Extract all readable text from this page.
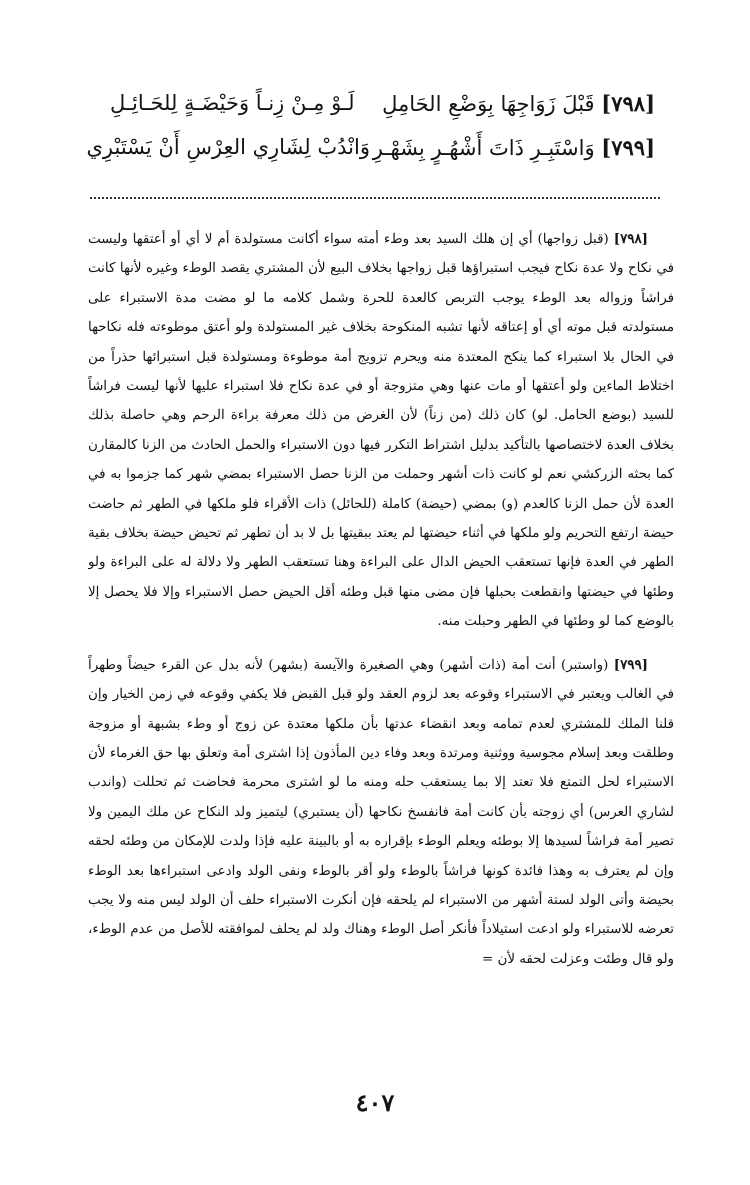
[٧٩٨] قَبْلَ زَوَاجِهَا بِوَضْعِ الحَامِلِ
لَـوْ مِـنْ زِنـاً وَحَيْضَـةٍ لِلحَـائِـلِ
[٧٩٩] وَاسْتَبِـرِ ذَاتَ أَشْهُـرٍ بِشَهْـرِ
وَانْدُبْ لِشَارِي العِرْسِ أَنْ يَسْتَبْرِي

[٧٩٨] (قبل زواجها) أي إن هلك السيد بعد وطء أمته سواء أكانت مستولدة أم لا أي أو أعتقها وليست في نكاح ولا عدة نكاح فيجب استبراؤها قبل زواجها بخلاف البيع لأن المشتري يقصد الوطء وغيره لأنها كانت فراشاً وزواله بعد الوطء يوجب التربص كالعدة للحرة وشمل كلامه ما لو مضت مدة الاستبراء على مستولدته قبل موته أي أو إعتاقه لأنها تشبه المنكوحة بخلاف غير المستولدة ولو أعتق موطوءته فله نكاحها في الحال بلا استبراء كما ينكح المعتدة منه ويحرم تزويج أمة موطوءة ومستولدة قبل استبرائها حذراً من اختلاط الماءين ولو أعتقها أو مات عنها وهي متزوجة أو في عدة نكاح فلا استبراء عليها لأنها ليست فراشاً للسيد (بوضع الحامل. لو) كان ذلك (من زناً) لأن الغرض من ذلك معرفة براءة الرحم وهي حاصلة بذلك بخلاف العدة لاختصاصها بالتأكيد بدليل اشتراط التكرر فيها دون الاستبراء والحمل الحادث من الزنا كالمقارن كما بحثه الزركشي نعم لو كانت ذات أشهر وحملت من الزنا حصل الاستبراء بمضي شهر كما جزموا به في العدة لأن حمل الزنا كالعدم (و) بمضي (حيضة) كاملة (للحائل) ذات الأقراء فلو ملكها في الطهر ثم حاضت حيضة ارتفع التحريم ولو ملكها في أثناء حيضتها لم يعتد ببقيتها بل لا بد أن تطهر ثم تحيض حيضة بخلاف بقية الطهر في العدة فإنها تستعقب الحيض الدال على البراءة وهنا تستعقب الطهر ولا دلالة له على البراءة ولو وطئها في حيضتها وانقطعت بحبلها فإن مضى منها قبل وطئه أقل الحيض حصل الاستبراء وإلا فلا يحصل إلا بالوضع كما لو وطئها في الطهر وحبلت منه.

[٧٩٩] (واستبر) أنت أمة (ذات أشهر) وهي الصغيرة والآيسة (بشهر) لأنه بدل عن القرء حيضاً وطهراً في الغالب ويعتبر في الاستبراء وقوعه بعد لزوم العقد ولو قبل القبض فلا يكفي وقوعه في زمن الخيار وإن قلنا الملك للمشتري لعدم تمامه وبعد انقضاء عدتها بأن ملكها معتدة عن زوج أو وطء بشبهة أو مزوجة وطلقت وبعد إسلام مجوسية ووثنية ومرتدة وبعد وفاء دين المأذون إذا اشترى أمة وتعلق بها حق الغرماء لأن الاستبراء لحل التمتع فلا تعتد إلا بما يستعقب حله ومنه ما لو اشترى محرمة فحاضت ثم تحللت (واندب لشاري العرس) أي زوجته بأن كانت أمة فانفسخ نكاحها (أن يستبري) ليتميز ولد النكاح عن ملك اليمين ولا تصير أمة فراشاً لسيدها إلا بوطئه ويعلم الوطء بإقراره به أو بالبينة عليه فإذا ولدت للإمكان من وطئه لحقه وإن لم يعترف به وهذا فائدة كونها فراشاً بالوطء ولو أقر بالوطء ونفى الولد وادعى استبراءها بعد الوطء بحيضة وأتى الولد لستة أشهر من الاستبراء لم يلحقه فإن أنكرت الاستبراء حلف أن الولد ليس منه ولا يجب تعرضه للاستبراء ولو ادعت استيلاداً فأنكر أصل الوطء وهناك ولد لم يحلف لموافقته للأصل من عدم الوطء، ولو قال وطئت وعزلت لحقه لأن =

٤٠٧
